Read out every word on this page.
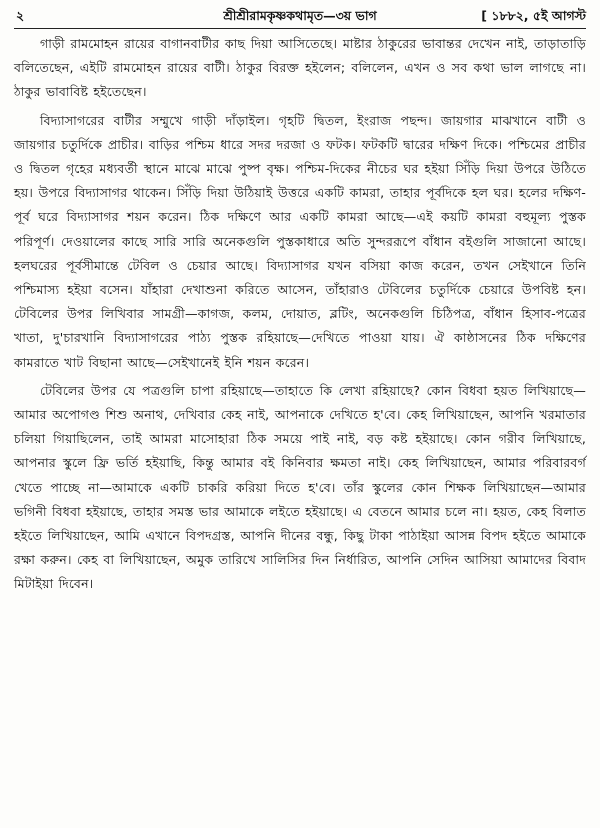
২	শ্রীশ্রীরামকৃষ্ণকথামৃত—৩য় ভাগ	[ ১৮৮২, ৫ই আগস্ট

গাড়ী রামমোহন রায়ের বাগানবাটীর কাছ দিয়া আসিতেছে। মাষ্টার ঠাকুরের ভাবান্তর দেখেন নাই, তাড়াতাড়ি বলিতেছেন, এইটি রামমোহন রায়ের বাটী। ঠাকুর বিরক্ত হইলেন; বলিলেন, এখন ও সব কথা ভাল লাগছে না। ঠাকুর ভাবাবিষ্ট হইতেছেন।

বিদ্যাসাগরের বাটীর সম্মুখে গাড়ী দাঁড়াইল। গৃহটি দ্বিতল, ইংরাজ পছন্দ। জায়গার মাঝখানে বাটী ও জায়গার চতুর্দিকে প্রাচীর। বাড়ির পশ্চিম ধারে সদর দরজা ও ফটক। ফটকটি দ্বারের দক্ষিণ দিকে। পশ্চিমের প্রাচীর ও দ্বিতল গৃহের মধ্যবর্তী স্থানে মাঝে মাঝে পুষ্প বৃক্ষ। পশ্চিম-দিকের নীচের ঘর হইয়া সিঁড়ি দিয়া উপরে উঠিতে হয়। উপরে বিদ্যাসাগর থাকেন। সিঁড়ি দিয়া উঠিয়াই উত্তরে একটি কামরা, তাহার পূর্বদিকে হল ঘর। হলের দক্ষিণ-পূর্ব ঘরে বিদ্যাসাগর শয়ন করেন। ঠিক দক্ষিণে আর একটি কামরা আছে—এই কয়টি কামরা বহুমূল্য পুস্তক পরিপূর্ণ। দেওয়ালের কাছে সারি সারি অনেকগুলি পুস্তকাধারে অতি সুন্দররূপে বাঁধান বইগুলি সাজানো আছে। হলঘরের পূর্বসীমান্তে টেবিল ও চেয়ার আছে। বিদ্যাসাগর যখন বসিয়া কাজ করেন, তখন সেইখানে তিনি পশ্চিমাস্য হইয়া বসেন। যাঁহারা দেখাশুনা করিতে আসেন, তাঁহারাও টেবিলের চতুর্দিকে চেয়ারে উপবিষ্ট হন। টেবিলের উপর লিখিবার সামগ্রী—কাগজ, কলম, দোয়াত, ব্লটিং, অনেকগুলি চিঠিপত্র, বাঁধান হিসাব-পত্রের খাতা, দু'চারখানি বিদ্যাসাগরের পাঠ্য পুস্তক রহিয়াছে—দেখিতে পাওয়া যায়। ঐ কাষ্ঠাসনের ঠিক দক্ষিণের কামরাতে খাট বিছানা আছে—সেইখানেই ইনি শয়ন করেন।

টেবিলের উপর যে পত্রগুলি চাপা রহিয়াছে—তাহাতে কি লেখা রহিয়াছে? কোন বিধবা হয়ত লিখিয়াছে—আমার অপোগণ্ড শিশু অনাথ, দেখিবার কেহ নাই, আপনাকে দেখিতে হ'বে। কেহ লিখিয়াছেন, আপনি খরমাতার চলিয়া গিয়াছিলেন, তাই আমরা মাসোহারা ঠিক সময়ে পাই নাই, বড় কষ্ট হইয়াছে। কোন গরীব লিখিয়াছে, আপনার স্কুলে ফ্রি ভর্তি হইয়াছি, কিন্তু আমার বই কিনিবার ক্ষমতা নাই। কেহ লিখিয়াছেন, আমার পরিবারবর্গ খেতে পাচ্ছে না—আমাকে একটি চাকরি করিয়া দিতে হ'বে। তাঁর স্কুলের কোন শিক্ষক লিখিয়াছেন—আমার ভগিনী বিধবা হইয়াছে, তাহার সমস্ত ভার আমাকে লইতে হইয়াছে। এ বেতনে আমার চলে না। হয়ত, কেহ বিলাত হইতে লিখিয়াছেন, আমি এখানে বিপদগ্রস্ত, আপনি দীনের বন্ধু, কিছু টাকা পাঠাইয়া আসন্ন বিপদ হইতে আমাকে রক্ষা করুন। কেহ বা লিখিয়াছেন, অমুক তারিখে সালিসির দিন নির্ধারিত, আপনি সেদিন আসিয়া আমাদের বিবাদ মিটাইয়া দিবেন।
